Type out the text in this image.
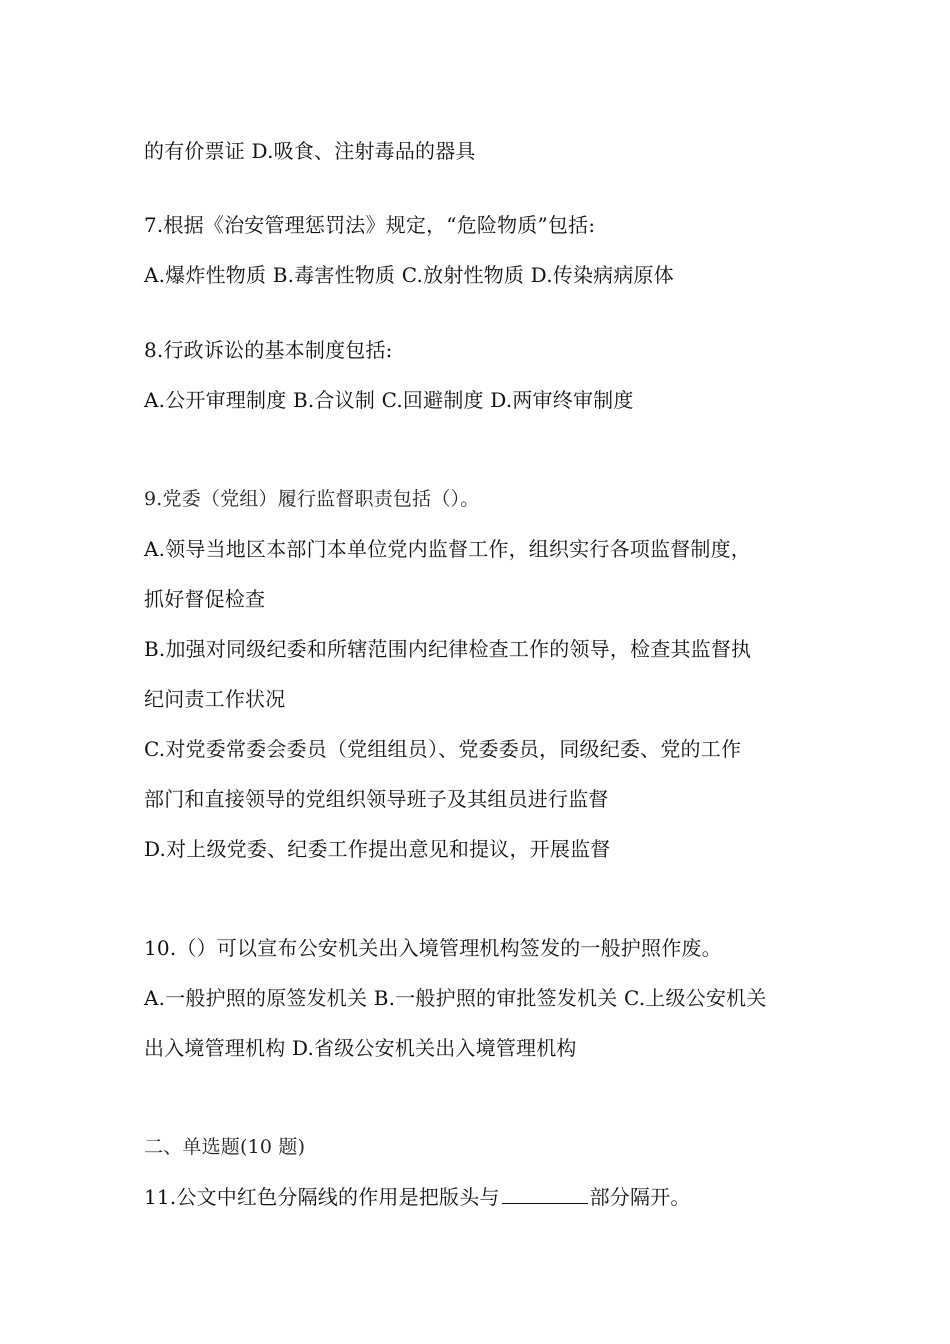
的有价票证 D.吸食、注射毒品的器具
7.根据《治安管理惩罚法》规定，“危险物质”包括:
A.爆炸性物质 B.毒害性物质 C.放射性物质 D.传染病病原体
8.行政诉讼的基本制度包括:
A.公开审理制度 B.合议制 C.回避制度 D.两审终审制度
9.党委（党组）履行监督职责包括（）。
A.领导当地区本部门本单位党内监督工作，组织实行各项监督制度，
抓好督促检查
B.加强对同级纪委和所辖范围内纪律检查工作的领导，检查其监督执
纪问责工作状况
C.对党委常委会委员（党组组员）、党委委员，同级纪委、党的工作
部门和直接领导的党组织领导班子及其组员进行监督
D.对上级党委、纪委工作提出意见和提议，开展监督
10.（）可以宣布公安机关出入境管理机构签发的一般护照作废。
A.一般护照的原签发机关 B.一般护照的审批签发机关 C.上级公安机关
出入境管理机构 D.省级公安机关出入境管理机构
二、单选题(10 题)
11.公文中红色分隔线的作用是把版头与	部分隔开。
